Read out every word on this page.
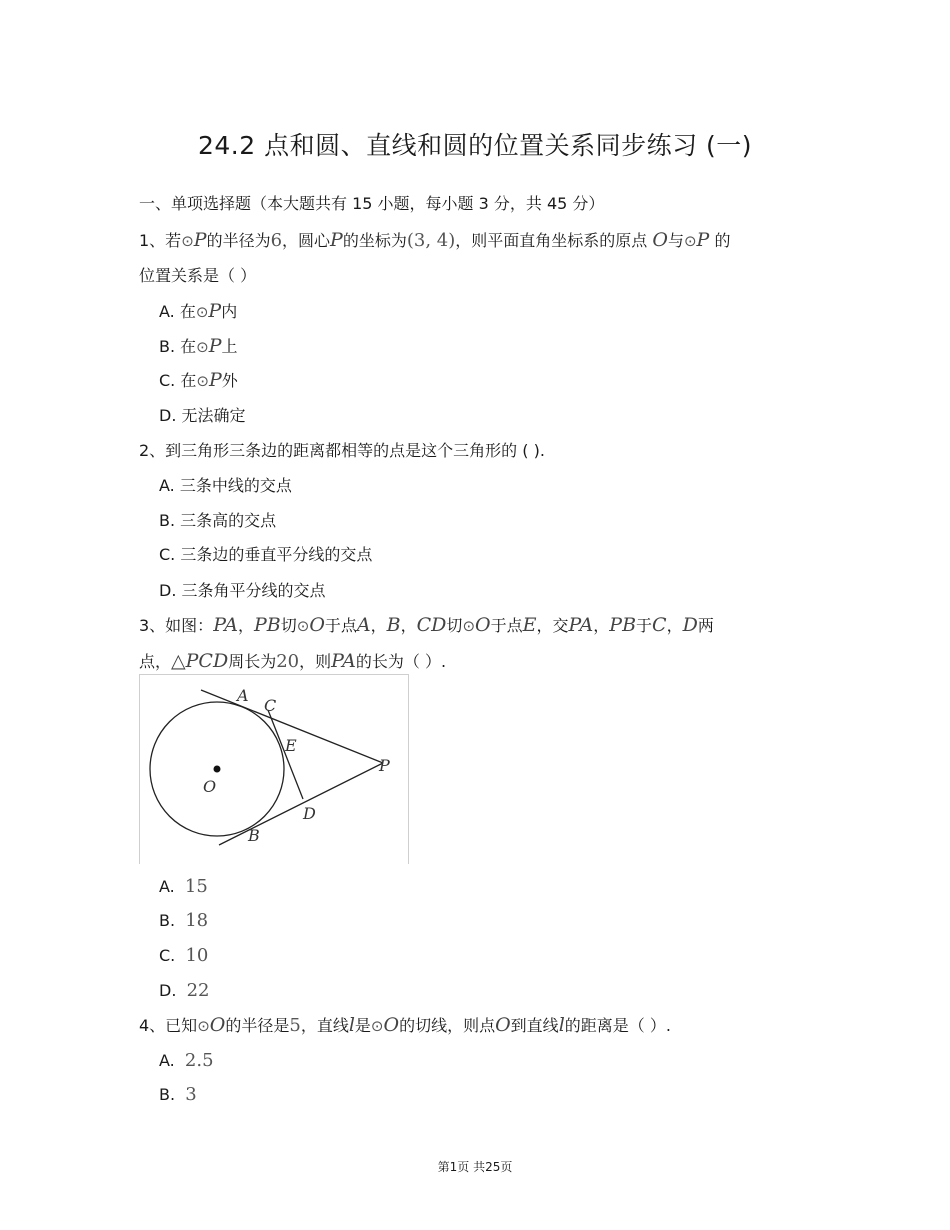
24.2 点和圆、直线和圆的位置关系同步练习 (一)
一、单项选择题（本大题共有 15 小题，每小题 3 分，共 45 分）
1、若⊙P的半径为6，圆心P的坐标为(3, 4)，则平面直角坐标系的原点 O与⊙P 的
位置关系是（ ）
A. 在⊙P内
B. 在⊙P上
C. 在⊙P外
D. 无法确定
2、到三角形三条边的距离都相等的点是这个三角形的 ( ).
A. 三条中线的交点
B. 三条高的交点
C. 三条边的垂直平分线的交点
D. 三条角平分线的交点
3、如图：PA，PB切⊙O于点A，B，CD切⊙O于点E，交PA，PB于C，D两
点，△PCD周长为20，则PA的长为（ ）.
A
C
E
P
O
D
B
A. 15
B. 18
C. 10
D. 22
4、已知⊙O的半径是5，直线l是⊙O的切线，则点O到直线l的距离是（ ）.
A. 2.5
B. 3
第1页 共25页
